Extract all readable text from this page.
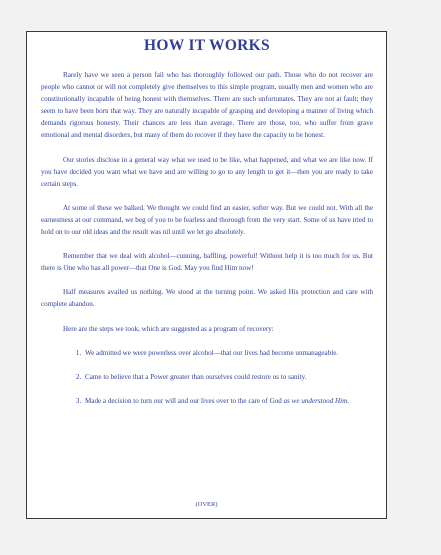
HOW IT WORKS

Rarely have we seen a person fail who has thoroughly followed our path. Those who do not recover are people who cannot or will not completely give themselves to this simple program, usually men and women who are constitutionally incapable of being honest with themselves. There are such unfortunates. They are not at fault; they seem to have been born that way. They are naturally incapable of grasping and developing a manner of living which demands rigorous honesty. Their chances are less than average. There are those, too, who suffer from grave emotional and mental disorders, but many of them do recover if they have the capacity to be honest.

Our stories disclose in a general way what we used to be like, what happened, and what we are like now. If you have decided you want what we have and are willing to go to any length to get it—then you are ready to take certain steps.

At some of these we balked. We thought we could find an easier, softer way. But we could not. With all the earnestness at our command, we beg of you to be fearless and thorough from the very start. Some of us have tried to hold on to our old ideas and the result was nil until we let go absolutely.

Remember that we deal with alcohol—cunning, baffling, powerful! Without help it is too much for us. But there is One who has all power—that One is God. May you find Him now!

Half measures availed us nothing. We stood at the turning point. We asked His protection and care with complete abandon.

Here are the steps we took, which are suggested as a program of recovery:

1. We admitted we were powerless over alcohol—that our lives had become unmanageable.
2. Came to believe that a Power greater than ourselves could restore us to sanity.
3. Made a decision to turn our will and our lives over to the care of God as we understood Him.
(OVER)
